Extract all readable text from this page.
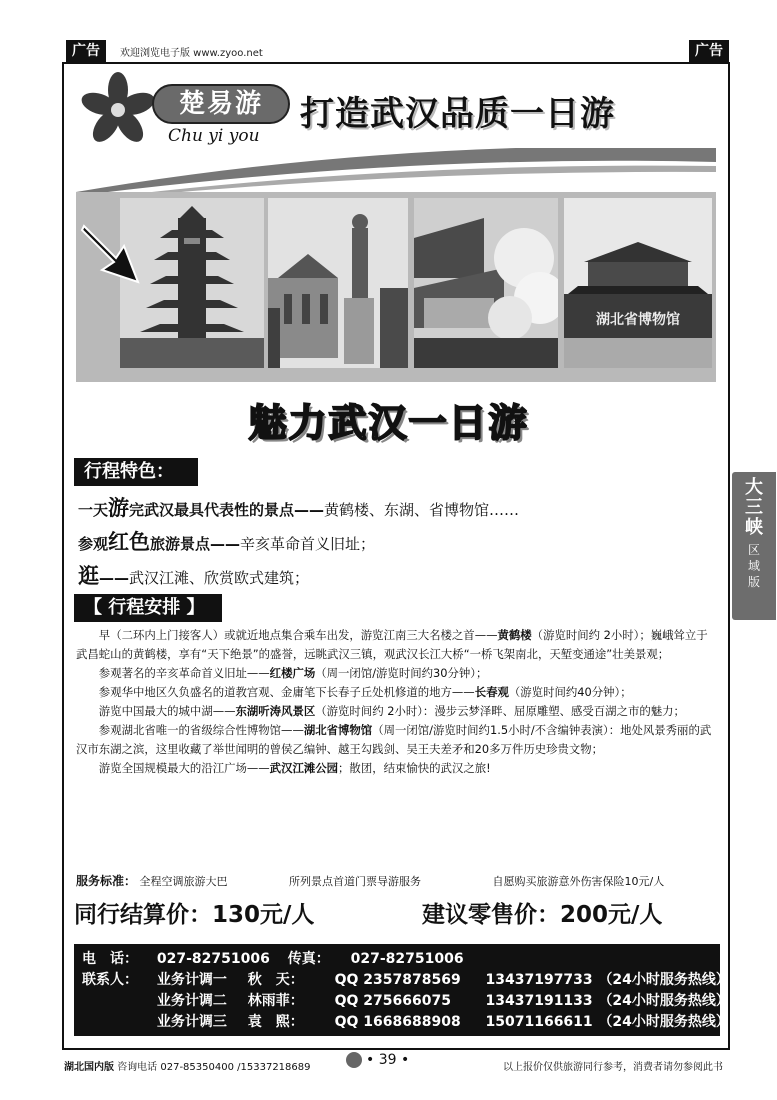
广告	欢迎浏览电子版 www.zyoo.net	广告
楚易游
Chu yi you
打造武汉品质一日游
湖北省博物馆
魅力武汉一日游
行程特色：
一天游完武汉最具代表性的景点——黄鹤楼、东湖、省博物馆……
参观红色旅游景点——辛亥革命首义旧址；
逛——武汉江滩、欣赏欧式建筑；
【 行程安排 】

早（二环内上门接客人）或就近地点集合乘车出发，游览江南三大名楼之首——黄鹤楼（游览时间约 2小时）；巍峨耸立于武昌蛇山的黄鹤楼，享有“天下绝景”的盛誉，远眺武汉三镇，观武汉长江大桥“一桥飞架南北，天堑变通途”壮美景观；

参观著名的辛亥革命首义旧址——红楼广场（周一闭馆/游览时间约30分钟）；

参观华中地区久负盛名的道教宫观、金庸笔下长春子丘处机修道的地方——长春观（游览时间约40分钟）；

游览中国最大的城中湖——东湖听涛风景区（游览时间约 2小时）：漫步云梦泽畔、屈原雕塑、感受百湖之市的魅力；

参观湖北省唯一的省级综合性博物馆——湖北省博物馆（周一闭馆/游览时间约1.5小时/不含编钟表演）：地处风景秀丽的武汉市东湖之滨，这里收藏了举世闻明的曾侯乙编钟、越王勾践剑、吴王夫差矛和20多万件历史珍贵文物；

游览全国规模最大的沿江广场——武汉江滩公园；散团，结束愉快的武汉之旅!

服务标准： 全程空调旅游大巴	所列景点首道门票导游服务	自愿购买旅游意外伤害保险10元/人
同行结算价：130元/人	建议零售价：200元/人
电　话： 027-82751006 传真： 027-82751006
联系人： 业务计调一 秋　天： QQ 2357878569 13437197733 （24小时服务热线）
业务计调二 林雨菲： QQ 275666075 13437191133 （24小时服务热线）
业务计调三 袁　熙： QQ 1668688908 15071166611 （24小时服务热线）
大三峡
区域版
湖北国内版 咨询电话 027-85350400 /15337218689	• 39 •	以上报价仅供旅游同行参考，消费者请勿参阅此书
